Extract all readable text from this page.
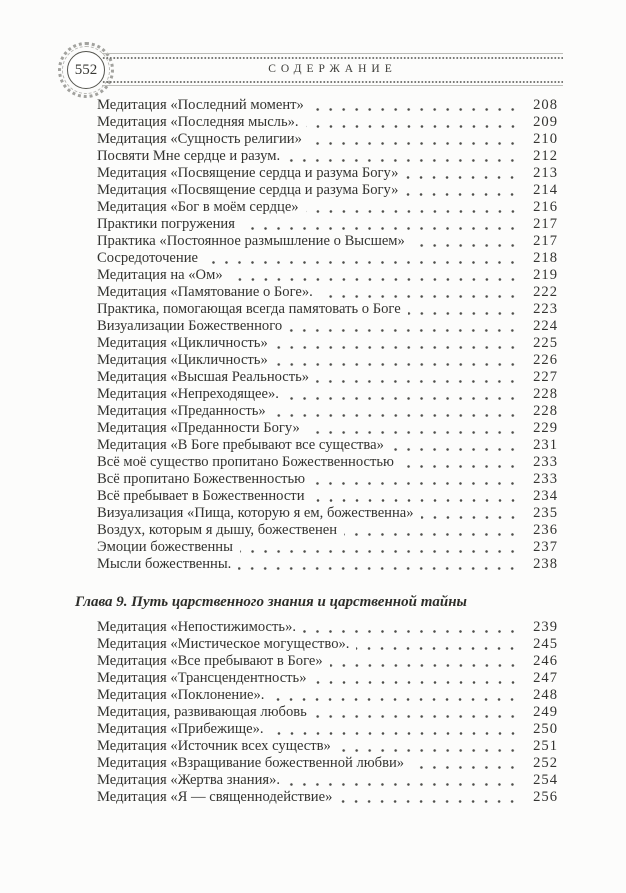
552	СОДЕРЖАНИЕ
Медитация «Последний момент»	208
Медитация «Последняя мысль».	209
Медитация «Сущность религии»	210
Посвяти Мне сердце и разум.	212
Медитация «Посвящение сердца и разума Богу»	213
Медитация «Посвящение сердца и разума Богу»	214
Медитация «Бог в моём сердце»	216
Практики погружения	217
Практика «Постоянное размышление о Высшем»	217
Сосредоточение	218
Медитация на «Ом»	219
Медитация «Памятование о Боге».	222
Практика, помогающая всегда памятовать о Боге	223
Визуализации Божественного	224
Медитация «Цикличность»	225
Медитация «Цикличность»	226
Медитация «Высшая Реальность»	227
Медитация «Непреходящее».	228
Медитация «Преданность»	228
Медитация «Преданности Богу»	229
Медитация «В Боге пребывают все существа»	231
Всё моё существо пропитано Божественностью	233
Всё пропитано Божественностью	233
Всё пребывает в Божественности	234
Визуализация «Пища, которую я ем, божественна»	235
Воздух, которым я дышу, божественен	236
Эмоции божественны	237
Мысли божественны.	238
Глава 9. Путь царственного знания и царственной тайны
Медитация «Непостижимость».	239
Медитация «Мистическое могущество».	245
Медитация «Все пребывают в Боге»	246
Медитация «Трансцендентность»	247
Медитация «Поклонение».	248
Медитация, развивающая любовь	249
Медитация «Прибежище».	250
Медитация «Источник всех существ»	251
Медитация «Взращивание божественной любви»	252
Медитация «Жертва знания».	254
Медитация «Я — священнодействие»	256
